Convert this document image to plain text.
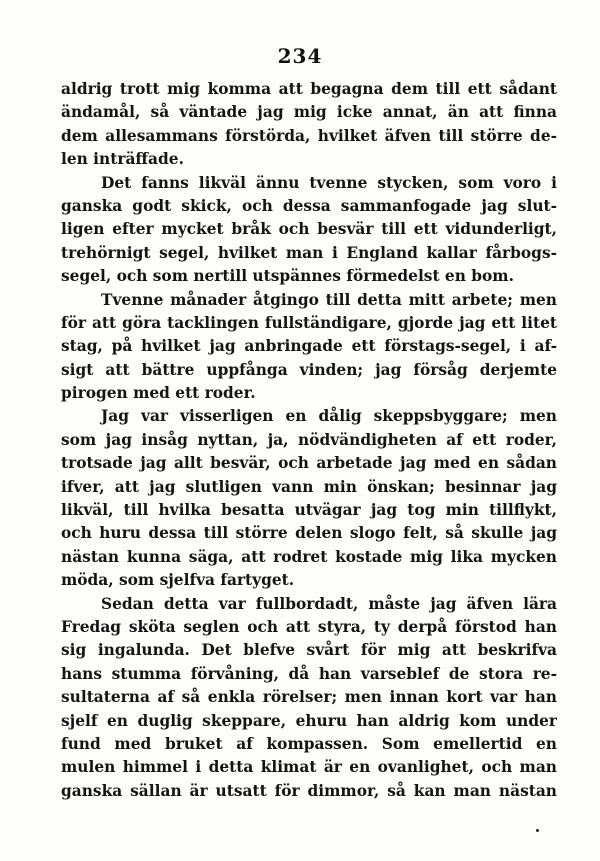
234
aldrig trott mig komma att begagna dem till ett sådant
ändamål, så väntade jag mig icke annat, än att finna
dem allesammans förstörda, hvilket äfven till större de-
len inträffade.
Det fanns likväl ännu tvenne stycken, som voro i
ganska godt skick, och dessa sammanfogade jag slut-
ligen efter mycket bråk och besvär till ett vidunderligt,
trehörnigt segel, hvilket man i England kallar fårbogs-
segel, och som nertill utspännes förmedelst en bom.
Tvenne månader åtgingo till detta mitt arbete; men
för att göra tacklingen fullständigare, gjorde jag ett litet
stag, på hvilket jag anbringade ett förstags-segel, i af-
sigt att bättre uppfånga vinden; jag försåg derjemte
pirogen med ett roder.
Jag var visserligen en dålig skeppsbyggare; men
som jag insåg nyttan, ja, nödvändigheten af ett roder,
trotsade jag allt besvär, och arbetade jag med en sådan
ifver, att jag slutligen vann min önskan; besinnar jag
likväl, till hvilka besatta utvägar jag tog min tillflykt,
och huru dessa till större delen slogo felt, så skulle jag
nästan kunna säga, att rodret kostade mig lika mycken
möda, som sjelfva fartyget.
Sedan detta var fullbordadt, måste jag äfven lära
Fredag sköta seglen och att styra, ty derpå förstod han
sig ingalunda. Det blefve svårt för mig att beskrifva
hans stumma förvåning, då han varseblef de stora re-
sultaterna af så enkla rörelser; men innan kort var han
sjelf en duglig skeppare, ehuru han aldrig kom under
fund med bruket af kompassen. Som emellertid en
mulen himmel i detta klimat är en ovanlighet, och man
ganska sällan är utsatt för dimmor, så kan man nästan
